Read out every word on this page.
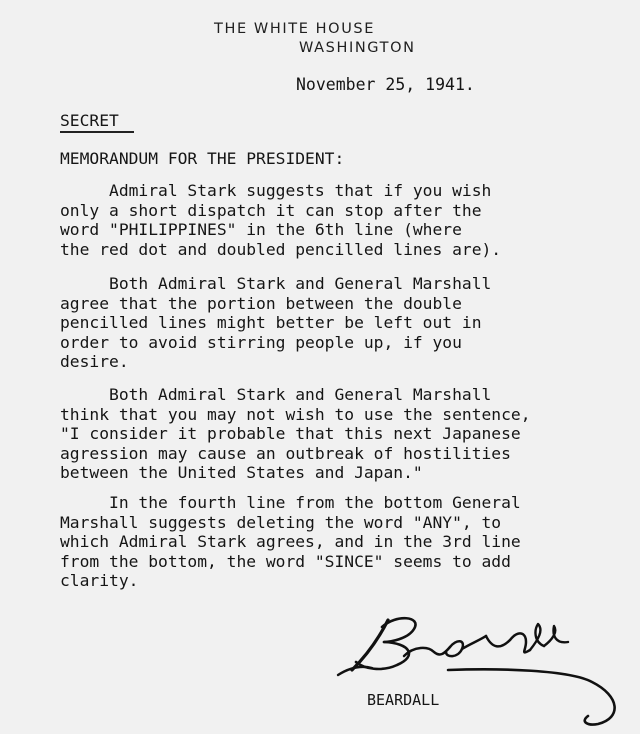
THE WHITE HOUSE
WASHINGTON
November 25, 1941.
SECRET
MEMORANDUM FOR THE PRESIDENT:
Admiral Stark suggests that if you wish
only a short dispatch it can stop after the
word "PHILIPPINES" in the 6th line (where
the red dot and doubled pencilled lines are).
Both Admiral Stark and General Marshall
agree that the portion between the double
pencilled lines might better be left out in
order to avoid stirring people up, if you
desire.
Both Admiral Stark and General Marshall
think that you may not wish to use the sentence,
"I consider it probable that this next Japanese
agression may cause an outbreak of hostilities
between the United States and Japan."
In the fourth line from the bottom General
Marshall suggests deleting the word "ANY", to
which Admiral Stark agrees, and in the 3rd line
from the bottom, the word "SINCE" seems to add
clarity.
BEARDALL
